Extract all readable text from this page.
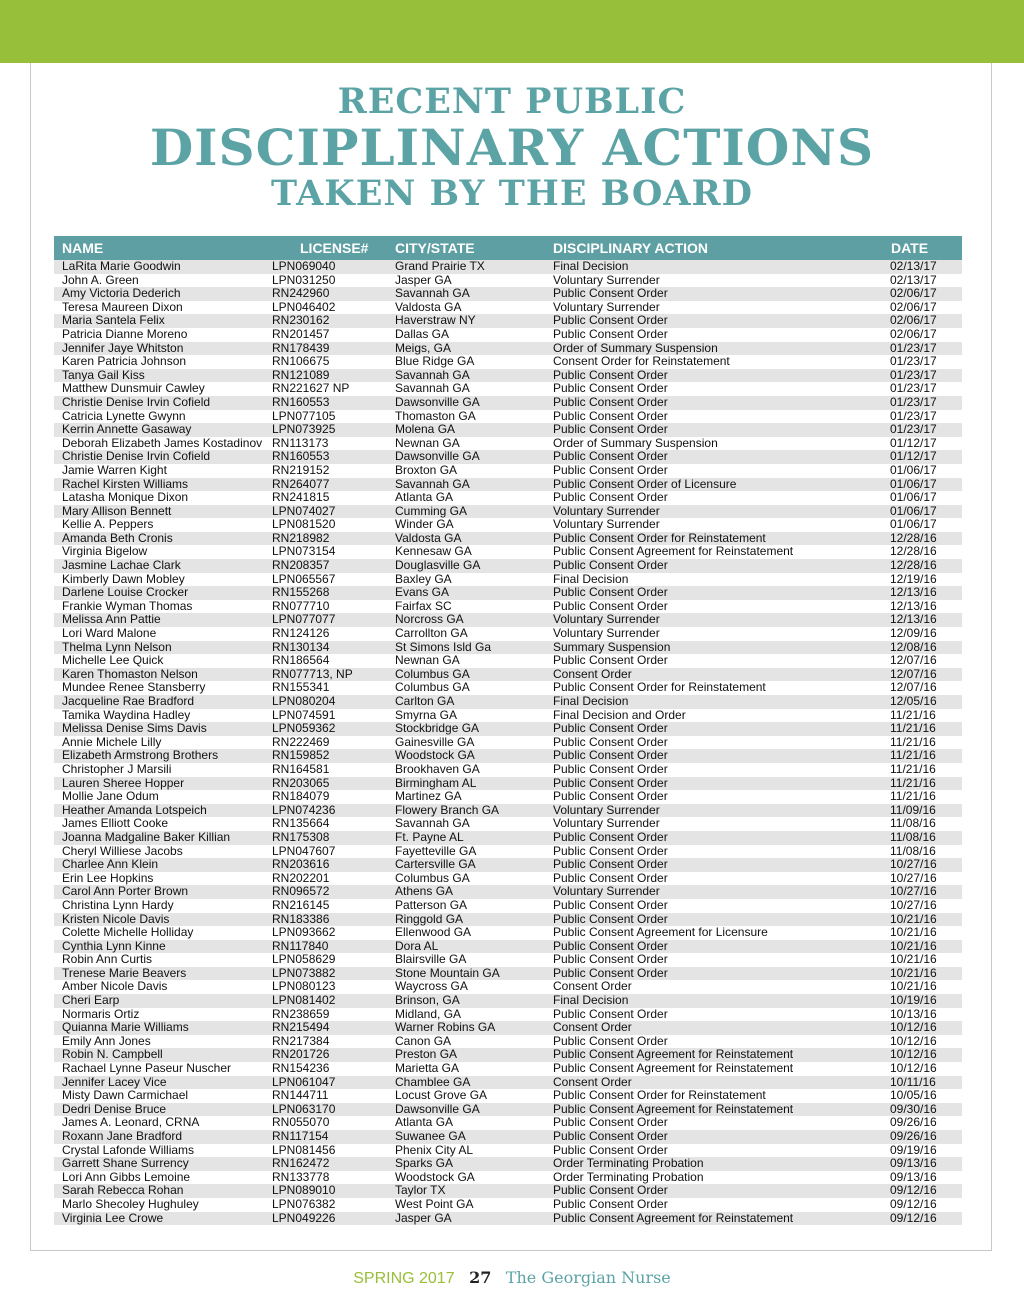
RECENT PUBLIC
DISCIPLINARY ACTIONS
TAKEN BY THE BOARD
NAME	LICENSE# CITY/STATE	DISCIPLINARY ACTION	DATE
LaRita Marie Goodwin	LPN069040	Grand Prairie TX	Final Decision	02/13/17
John A. Green	LPN031250	Jasper GA	Voluntary Surrender	02/13/17
Amy Victoria Dederich	RN242960	Savannah GA	Public Consent Order	02/06/17
Teresa Maureen Dixon	LPN046402	Valdosta GA	Voluntary Surrender	02/06/17
Maria Santela Felix	RN230162	Haverstraw NY	Public Consent Order	02/06/17
Patricia Dianne Moreno	RN201457	Dallas GA	Public Consent Order	02/06/17
Jennifer Jaye Whitston	RN178439	Meigs, GA	Order of Summary Suspension	01/23/17
Karen Patricia Johnson	RN106675	Blue Ridge GA	Consent Order for Reinstatement	01/23/17
Tanya Gail Kiss	RN121089	Savannah GA	Public Consent Order	01/23/17
Matthew Dunsmuir Cawley	RN221627 NP	Savannah GA	Public Consent Order	01/23/17
Christie Denise Irvin Cofield	RN160553	Dawsonville GA	Public Consent Order	01/23/17
Catricia Lynette Gwynn	LPN077105	Thomaston GA	Public Consent Order	01/23/17
Kerrin Annette Gasaway	LPN073925	Molena GA	Public Consent Order	01/23/17
Deborah Elizabeth James Kostadinov RN113173	Newnan GA	Order of Summary Suspension	01/12/17
Christie Denise Irvin Cofield	RN160553	Dawsonville GA	Public Consent Order	01/12/17
Jamie Warren Kight	RN219152	Broxton GA	Public Consent Order	01/06/17
Rachel Kirsten Williams	RN264077	Savannah GA	Public Consent Order of Licensure	01/06/17
Latasha Monique Dixon	RN241815	Atlanta GA	Public Consent Order	01/06/17
Mary Allison Bennett	LPN074027	Cumming GA	Voluntary Surrender	01/06/17
Kellie A. Peppers	LPN081520	Winder GA	Voluntary Surrender	01/06/17
Amanda Beth Cronis	RN218982	Valdosta GA	Public Consent Order for Reinstatement	12/28/16
Virginia Bigelow	LPN073154	Kennesaw GA	Public Consent Agreement for Reinstatement	12/28/16
Jasmine Lachae Clark	RN208357	Douglasville GA	Public Consent Order	12/28/16
Kimberly Dawn Mobley	LPN065567	Baxley GA	Final Decision	12/19/16
Darlene Louise Crocker	RN155268	Evans GA	Public Consent Order	12/13/16
Frankie Wyman Thomas	RN077710	Fairfax SC	Public Consent Order	12/13/16
Melissa Ann Pattie	LPN077077	Norcross GA	Voluntary Surrender	12/13/16
Lori Ward Malone	RN124126	Carrollton GA	Voluntary Surrender	12/09/16
Thelma Lynn Nelson	RN130134	St Simons Isld Ga	Summary Suspension	12/08/16
Michelle Lee Quick	RN186564	Newnan GA	Public Consent Order	12/07/16
Karen Thomaston Nelson	RN077713, NP	Columbus GA	Consent Order	12/07/16
Mundee Renee Stansberry	RN155341	Columbus GA	Public Consent Order for Reinstatement	12/07/16
Jacqueline Rae Bradford	LPN080204	Carlton GA	Final Decision	12/05/16
Tamika Waydina Hadley	LPN074591	Smyrna GA	Final Decision and Order	11/21/16
Melissa Denise Sims Davis	LPN059362	Stockbridge GA	Public Consent Order	11/21/16
Annie Michele Lilly	RN222469	Gainesville GA	Public Consent Order	11/21/16
Elizabeth Armstrong Brothers	RN159852	Woodstock GA	Public Consent Order	11/21/16
Christopher J Marsili	RN164581	Brookhaven GA	Public Consent Order	11/21/16
Lauren Sheree Hopper	RN203065	Birmingham AL	Public Consent Order	11/21/16
Mollie Jane Odum	RN184079	Martinez GA	Public Consent Order	11/21/16
Heather Amanda Lotspeich	LPN074236	Flowery Branch GA	Voluntary Surrender	11/09/16
James Elliott Cooke	RN135664	Savannah GA	Voluntary Surrender	11/08/16
Joanna Madgaline Baker Killian	RN175308	Ft. Payne AL	Public Consent Order	11/08/16
Cheryl Williese Jacobs	LPN047607	Fayetteville GA	Public Consent Order	11/08/16
Charlee Ann Klein	RN203616	Cartersville GA	Public Consent Order	10/27/16
Erin Lee Hopkins	RN202201	Columbus GA	Public Consent Order	10/27/16
Carol Ann Porter Brown	RN096572	Athens GA	Voluntary Surrender	10/27/16
Christina Lynn Hardy	RN216145	Patterson GA	Public Consent Order	10/27/16
Kristen Nicole Davis	RN183386	Ringgold GA	Public Consent Order	10/21/16
Colette Michelle Holliday	LPN093662	Ellenwood GA	Public Consent Agreement for Licensure	10/21/16
Cynthia Lynn Kinne	RN117840	Dora AL	Public Consent Order	10/21/16
Robin Ann Curtis	LPN058629	Blairsville GA	Public Consent Order	10/21/16
Trenese Marie Beavers	LPN073882	Stone Mountain GA	Public Consent Order	10/21/16
Amber Nicole Davis	LPN080123	Waycross GA	Consent Order	10/21/16
Cheri Earp	LPN081402	Brinson, GA	Final Decision	10/19/16
Normaris Ortiz	RN238659	Midland, GA	Public Consent Order	10/13/16
Quianna Marie Williams	RN215494	Warner Robins GA	Consent Order	10/12/16
Emily Ann Jones	RN217384	Canon GA	Public Consent Order	10/12/16
Robin N. Campbell	RN201726	Preston GA	Public Consent Agreement for Reinstatement	10/12/16
Rachael Lynne Paseur Nuscher	RN154236	Marietta GA	Public Consent Agreement for Reinstatement	10/12/16
Jennifer Lacey Vice	LPN061047	Chamblee GA	Consent Order	10/11/16
Misty Dawn Carmichael	RN144711	Locust Grove GA	Public Consent Order for Reinstatement	10/05/16
Dedri Denise Bruce	LPN063170	Dawsonville GA	Public Consent Agreement for Reinstatement	09/30/16
James A. Leonard, CRNA	RN055070	Atlanta GA	Public Consent Order	09/26/16
Roxann Jane Bradford	RN117154	Suwanee GA	Public Consent Order	09/26/16
Crystal Lafonde Williams	LPN081456	Phenix City AL	Public Consent Order	09/19/16
Garrett Shane Surrency	RN162472	Sparks GA	Order Terminating Probation	09/13/16
Lori Ann Gibbs Lemoine	RN133778	Woodstock GA	Order Terminating Probation	09/13/16
Sarah Rebecca Rohan	LPN089010	Taylor TX	Public Consent Order	09/12/16
Marlo Shecoley Hughuley	LPN076382	West Point GA	Public Consent Order	09/12/16
Virginia Lee Crowe	LPN049226	Jasper GA	Public Consent Agreement for Reinstatement	09/12/16
SPRING 2017 27 The Georgian Nurse
